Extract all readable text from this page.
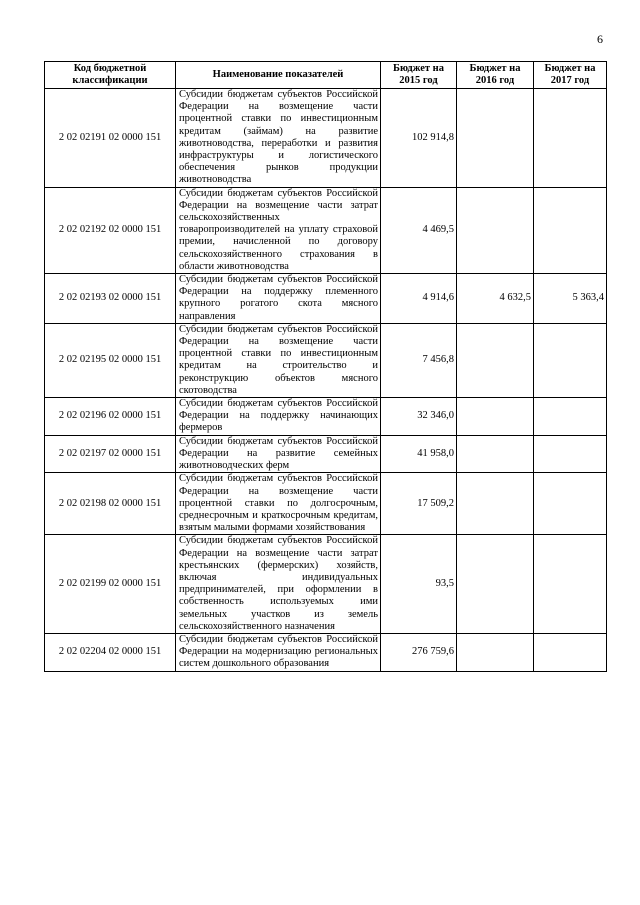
6
Код бюджетной классификации	Наименование показателей	Бюджет на 2015 год	Бюджет на 2016 год	Бюджет на 2017 год
2 02 02191 02 0000 151	Субсидии бюджетам субъектов Российской Федерации на возмещение части процентной ставки по инвестиционным кредитам (займам) на развитие животноводства, переработки и развития инфраструктуры и логистического обеспечения рынков продукции животноводства	102 914,8		
2 02 02192 02 0000 151	Субсидии бюджетам субъектов Российской Федерации на возмещение части затрат сельскохозяйственных товаропроизводителей на уплату страховой премии, начисленной по договору сельскохозяйственного страхования в области животноводства	4 469,5		
2 02 02193 02 0000 151	Субсидии бюджетам субъектов Российской Федерации на поддержку племенного крупного рогатого скота мясного направления	4 914,6	4 632,5	5 363,4
2 02 02195 02 0000 151	Субсидии бюджетам субъектов Российской Федерации на возмещение части процентной ставки по инвестиционным кредитам на строительство и реконструкцию объектов мясного скотоводства	7 456,8		
2 02 02196 02 0000 151	Субсидии бюджетам субъектов Российской Федерации на поддержку начинающих фермеров	32 346,0		
2 02 02197 02 0000 151	Субсидии бюджетам субъектов Российской Федерации на развитие семейных животноводческих ферм	41 958,0		
2 02 02198 02 0000 151	Субсидии бюджетам субъектов Российской Федерации на возмещение части процентной ставки по долгосрочным, среднесрочным и краткосрочным кредитам, взятым малыми формами хозяйствования	17 509,2		
2 02 02199 02 0000 151	Субсидии бюджетам субъектов Российской Федерации на возмещение части затрат крестьянских (фермерских) хозяйств, включая индивидуальных предпринимателей, при оформлении в собственность используемых ими земельных участков из земель сельскохозяйственного назначения	93,5		
2 02 02204 02 0000 151	Субсидии бюджетам субъектов Российской Федерации на модернизацию региональных систем дошкольного образования	276 759,6		
